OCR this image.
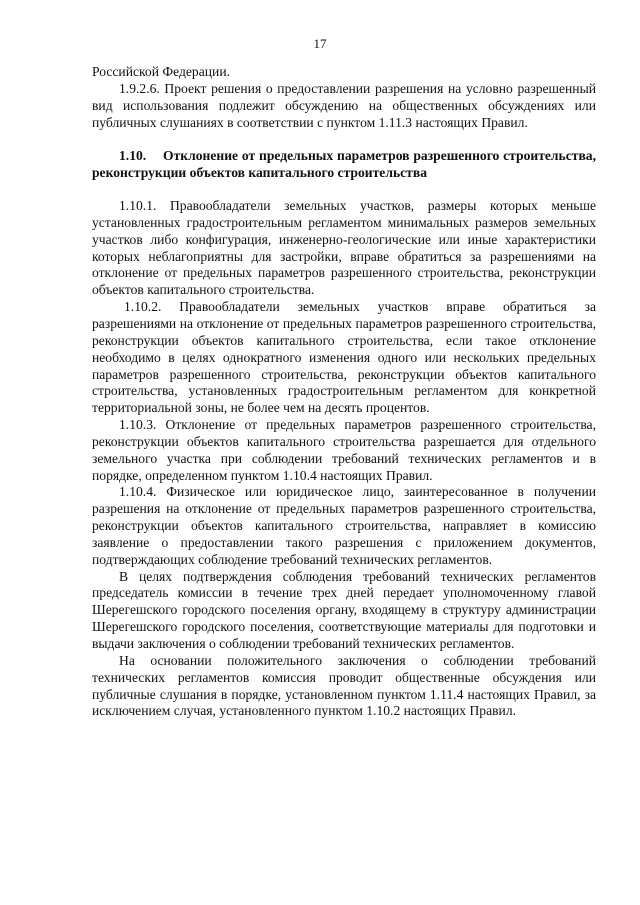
17

Российской Федерации.

1.9.2.6. Проект решения о предоставлении разрешения на условно разрешенный вид использования подлежит обсуждению на общественных обсуждениях или публичных слушаниях в соответствии с пунктом 1.11.3 настоящих Правил.

1.10. Отклонение от предельных параметров разрешенного строительства, реконструкции объектов капитального строительства

1.10.1. Правообладатели земельных участков, размеры которых меньше установленных градостроительным регламентом минимальных размеров земельных участков либо конфигурация, инженерно-геологические или иные характеристики которых неблагоприятны для застройки, вправе обратиться за разрешениями на отклонение от предельных параметров разрешенного строительства, реконструкции объектов капитального строительства.

1.10.2. Правообладатели земельных участков вправе обратиться за разрешениями на отклонение от предельных параметров разрешенного строительства, реконструкции объектов капитального строительства, если такое отклонение необходимо в целях однократного изменения одного или нескольких предельных параметров разрешенного строительства, реконструкции объектов капитального строительства, установленных градостроительным регламентом для конкретной территориальной зоны, не более чем на десять процентов.

1.10.3. Отклонение от предельных параметров разрешенного строительства, реконструкции объектов капитального строительства разрешается для отдельного земельного участка при соблюдении требований технических регламентов и в порядке, определенном пунктом 1.10.4 настоящих Правил.

1.10.4. Физическое или юридическое лицо, заинтересованное в получении разрешения на отклонение от предельных параметров разрешенного строительства, реконструкции объектов капитального строительства, направляет в комиссию заявление о предоставлении такого разрешения с приложением документов, подтверждающих соблюдение требований технических регламентов.

В целях подтверждения соблюдения требований технических регламентов председатель комиссии в течение трех дней передает уполномоченному главой Шерегешского городского поселения органу, входящему в структуру администрации Шерегешского городского поселения, соответствующие материалы для подготовки и выдачи заключения о соблюдении требований технических регламентов.

На основании положительного заключения о соблюдении требований технических регламентов комиссия проводит общественные обсуждения или публичные слушания в порядке, установленном пунктом 1.11.4 настоящих Правил, за исключением случая, установленного пунктом 1.10.2 настоящих Правил.
